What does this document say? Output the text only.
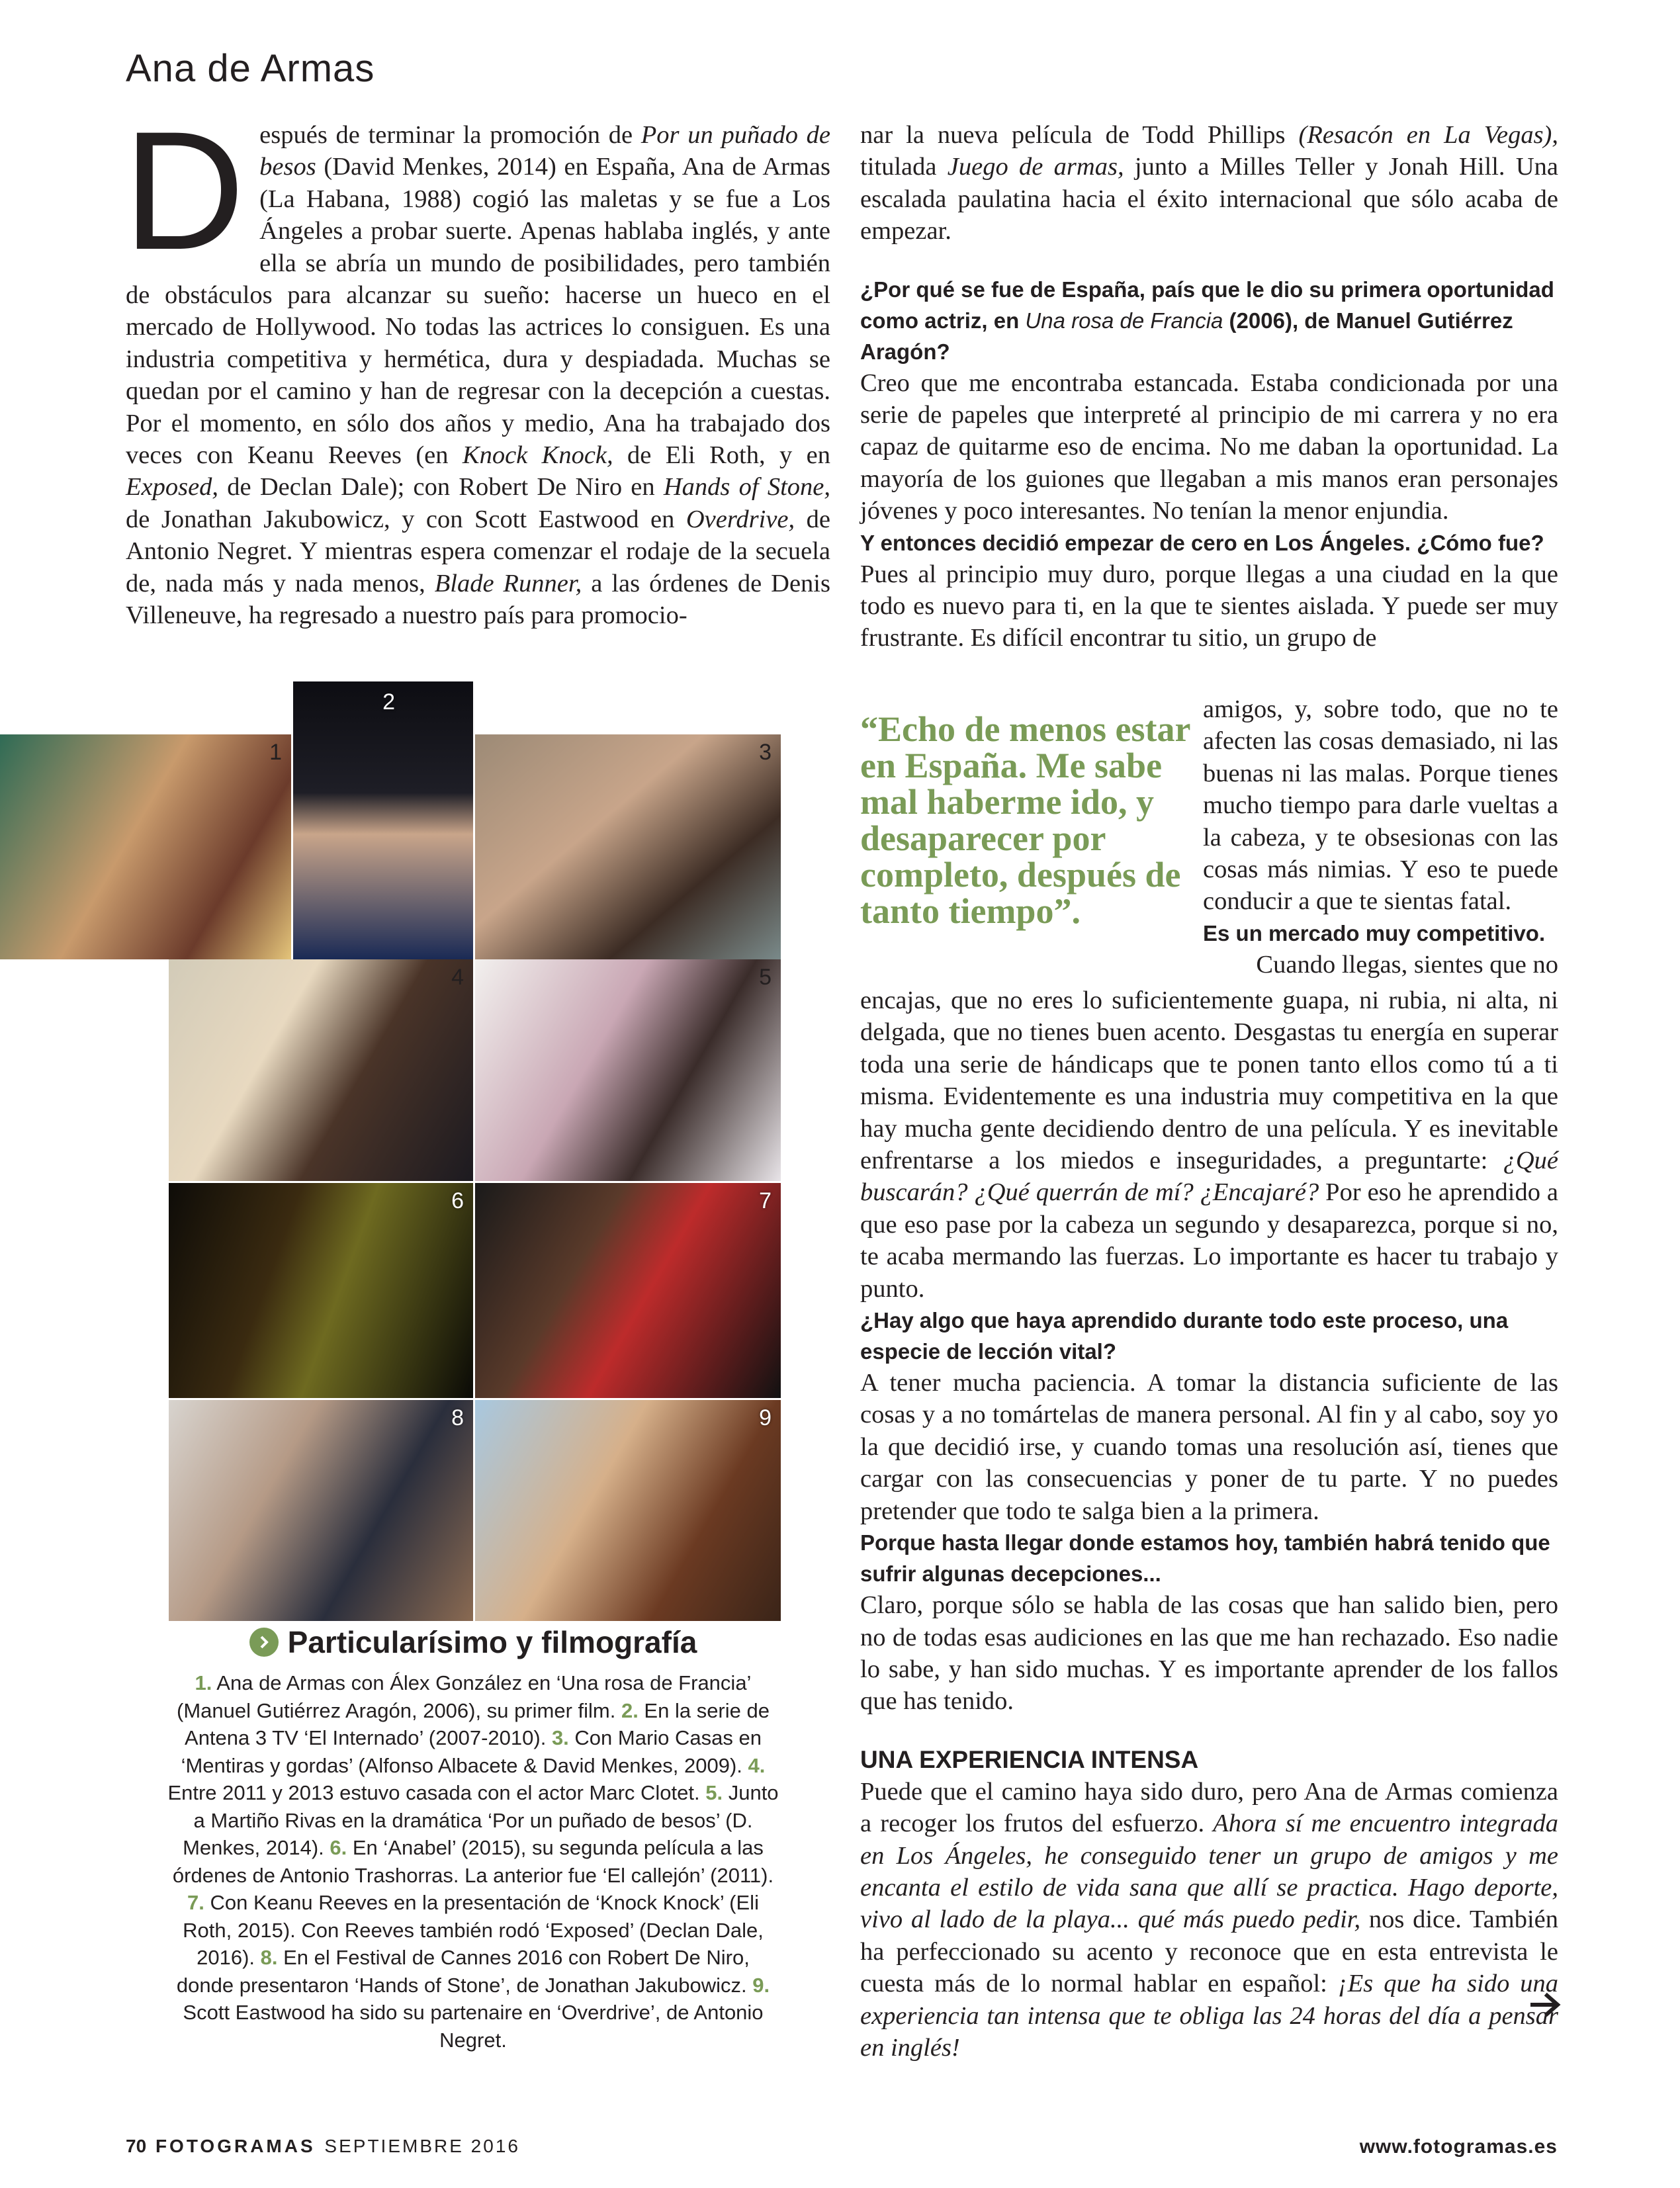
Ana de Armas

Después de terminar la promoción de Por un puñado de besos (David Menkes, 2014) en España, Ana de Armas (La Habana, 1988) cogió las maletas y se fue a Los Ángeles a probar suerte. Apenas hablaba inglés, y ante ella se abría un mundo de posibilidades, pero también de obstáculos para alcanzar su sueño: hacerse un hueco en el mercado de Hollywood. No todas las actrices lo consiguen. Es una industria competitiva y hermética, dura y despiadada. Muchas se quedan por el camino y han de regresar con la decepción a cuestas. Por el momento, en sólo dos años y medio, Ana ha trabajado dos veces con Keanu Reeves (en Knock Knock, de Eli Roth, y en Exposed, de Declan Dale); con Robert De Niro en Hands of Stone, de Jonathan Jakubowicz, y con Scott Eastwood en Overdrive, de Antonio Negret. Y mientras espera comenzar el rodaje de la secuela de, nada más y nada menos, Blade Runner, a las órdenes de Denis Villeneuve, ha regresado a nuestro país para promocio-

nar la nueva película de Todd Phillips (Resacón en La Vegas), titulada Juego de armas, junto a Milles Teller y Jonah Hill. Una escalada paulatina hacia el éxito internacional que sólo acaba de empezar.

¿Por qué se fue de España, país que le dio su primera oportunidad como actriz, en Una rosa de Francia (2006), de Manuel Gutiérrez Aragón?

Creo que me encontraba estancada. Estaba condicionada por una serie de papeles que interpreté al principio de mi carrera y no era capaz de quitarme eso de encima. No me daban la oportunidad. La mayoría de los guiones que llegaban a mis manos eran personajes jóvenes y poco interesantes. No tenían la menor enjundia.

Y entonces decidió empezar de cero en Los Ángeles. ¿Cómo fue?

Pues al principio muy duro, porque llegas a una ciudad en la que todo es nuevo para ti, en la que te sientes aislada. Y puede ser muy frustrante. Es difícil encontrar tu sitio, un grupo de

“Echo de menos estar en España. Me sabe mal haberme ido, y desaparecer por completo, después de tanto tiempo”.

amigos, y, sobre todo, que no te afecten las cosas demasiado, ni las buenas ni las malas. Porque tienes mucho tiempo para darle vueltas a la cabeza, y te obsesionas con las cosas más nimias. Y eso te puede conducir a que te sientas fatal.

Es un mercado muy competitivo.

Cuando llegas, sientes que no

encajas, que no eres lo suficientemente guapa, ni rubia, ni alta, ni delgada, que no tienes buen acento. Desgastas tu energía en superar toda una serie de hándicaps que te ponen tanto ellos como tú a ti misma. Evidentemente es una industria muy competitiva en la que hay mucha gente decidiendo dentro de una película. Y es inevitable enfrentarse a los miedos e inseguridades, a preguntarte: ¿Qué buscarán? ¿Qué querrán de mí? ¿Encajaré? Por eso he aprendido a que eso pase por la cabeza un segundo y desaparezca, porque si no, te acaba mermando las fuerzas. Lo importante es hacer tu trabajo y punto.

¿Hay algo que haya aprendido durante todo este proceso, una especie de lección vital?

A tener mucha paciencia. A tomar la distancia suficiente de las cosas y a no tomártelas de manera personal. Al fin y al cabo, soy yo la que decidió irse, y cuando tomas una resolución así, tienes que cargar con las consecuencias y poner de tu parte. Y no puedes pretender que todo te salga bien a la primera.

Porque hasta llegar donde estamos hoy, también habrá tenido que sufrir algunas decepciones...

Claro, porque sólo se habla de las cosas que han salido bien, pero no de todas esas audiciones en las que me han rechazado. Eso nadie lo sabe, y han sido muchas. Y es importante aprender de los fallos que has tenido.

UNA EXPERIENCIA INTENSA

Puede que el camino haya sido duro, pero Ana de Armas comienza a recoger los frutos del esfuerzo. Ahora sí me encuentro integrada en Los Ángeles, he conseguido tener un grupo de amigos y me encanta el estilo de vida sana que allí se practica. Hago deporte, vivo al lado de la playa... qué más puedo pedir, nos dice. También ha perfeccionado su acento y reconoce que en esta entrevista le cuesta más de lo normal hablar en español: ¡Es que ha sido una experiencia tan intensa que te obliga las 24 horas del día a pensar en inglés!

1
2
3
4	5
6	7
8	9
Particularísimo y filmografía
1. Ana de Armas con Álex González en ‘Una rosa de Francia’ (Manuel Gutiérrez Aragón, 2006), su primer film. 2. En la serie de Antena 3 TV ‘El Internado’ (2007-2010). 3. Con Mario Casas en ‘Mentiras y gordas’ (Alfonso Albacete & David Menkes, 2009). 4. Entre 2011 y 2013 estuvo casada con el actor Marc Clotet. 5. Junto a Martiño Rivas en la dramática ‘Por un puñado de besos’ (D. Menkes, 2014). 6. En ‘Anabel’ (2015), su segunda película a las órdenes de Antonio Trashorras. La anterior fue ‘El callejón’ (2011). 7. Con Keanu Reeves en la presentación de ‘Knock Knock’ (Eli Roth, 2015). Con Reeves también rodó ‘Exposed’ (Declan Dale, 2016). 8. En el Festival de Cannes 2016 con Robert De Niro, donde presentaron ‘Hands of Stone’, de Jonathan Jakubowicz. 9. Scott Eastwood ha sido su partenaire en ‘Overdrive’, de Antonio Negret.
70 FOTOGRAMAS SEPTIEMBRE 2016	www.fotogramas.es
